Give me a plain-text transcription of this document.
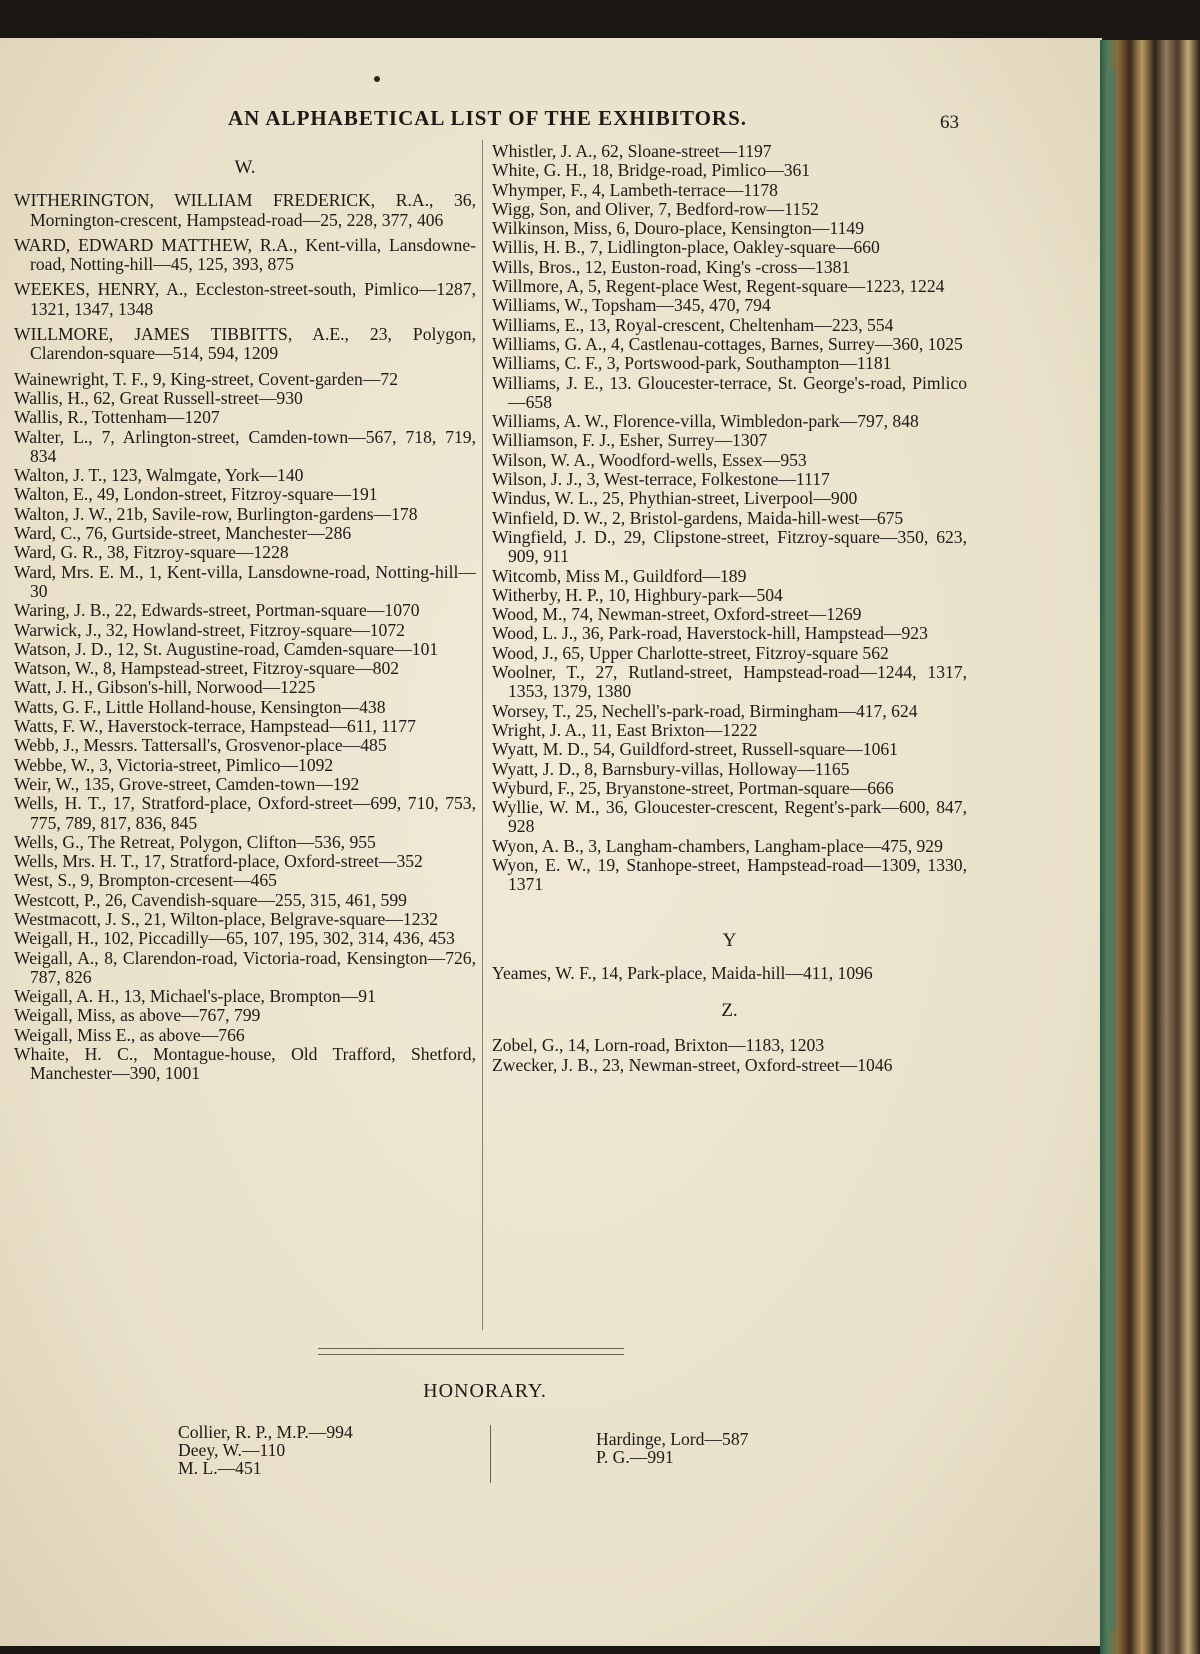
AN ALPHABETICAL LIST OF THE EXHIBITORS.	63
W.

WITHERINGTON, WILLIAM FREDERICK, R.A., 36, Mornington-crescent, Hampstead-road—25, 228, 377, 406

WARD, EDWARD MATTHEW, R.A., Kent-villa, Lansdowne-road, Notting-hill—45, 125, 393, 875

WEEKES, HENRY, A., Eccleston-street-south, Pimlico—1287, 1321, 1347, 1348

WILLMORE, JAMES TIBBITTS, A.E., 23, Polygon, Clarendon-square—514, 594, 1209

Wainewright, T. F., 9, King-street, Covent-garden—72

Wallis, H., 62, Great Russell-street—930

Wallis, R., Tottenham—1207

Walter, L., 7, Arlington-street, Camden-town—567, 718, 719, 834

Walton, J. T., 123, Walmgate, York—140

Walton, E., 49, London-street, Fitzroy-square—191

Walton, J. W., 21b, Savile-row, Burlington-gardens—178

Ward, C., 76, Gurtside-street, Manchester—286

Ward, G. R., 38, Fitzroy-square—1228

Ward, Mrs. E. M., 1, Kent-villa, Lansdowne-road, Notting-hill—30

Waring, J. B., 22, Edwards-street, Portman-square—1070

Warwick, J., 32, Howland-street, Fitzroy-square—1072

Watson, J. D., 12, St. Augustine-road, Camden-square—101

Watson, W., 8, Hampstead-street, Fitzroy-square—802

Watt, J. H., Gibson's-hill, Norwood—1225

Watts, G. F., Little Holland-house, Kensington—438

Watts, F. W., Haverstock-terrace, Hampstead—611, 1177

Webb, J., Messrs. Tattersall's, Grosvenor-place—485

Webbe, W., 3, Victoria-street, Pimlico—1092

Weir, W., 135, Grove-street, Camden-town—192

Wells, H. T., 17, Stratford-place, Oxford-street—699, 710, 753, 775, 789, 817, 836, 845

Wells, G., The Retreat, Polygon, Clifton—536, 955

Wells, Mrs. H. T., 17, Stratford-place, Oxford-street—352

West, S., 9, Brompton-crcesent—465

Westcott, P., 26, Cavendish-square—255, 315, 461, 599

Westmacott, J. S., 21, Wilton-place, Belgrave-square—1232

Weigall, H., 102, Piccadilly—65, 107, 195, 302, 314, 436, 453

Weigall, A., 8, Clarendon-road, Victoria-road, Kensington—726, 787, 826

Weigall, A. H., 13, Michael's-place, Brompton—91

Weigall, Miss, as above—767, 799

Weigall, Miss E., as above—766

Whaite, H. C., Montague-house, Old Trafford, Shetford, Manchester—390, 1001

Whistler, J. A., 62, Sloane-street—1197

White, G. H., 18, Bridge-road, Pimlico—361

Whymper, F., 4, Lambeth-terrace—1178

Wigg, Son, and Oliver, 7, Bedford-row—1152

Wilkinson, Miss, 6, Douro-place, Kensington—1149

Willis, H. B., 7, Lidlington-place, Oakley-square—660

Wills, Bros., 12, Euston-road, King's -cross—1381

Willmore, A, 5, Regent-place West, Regent-square—1223, 1224

Williams, W., Topsham—345, 470, 794

Williams, E., 13, Royal-crescent, Cheltenham—223, 554

Williams, G. A., 4, Castlenau-cottages, Barnes, Surrey—360, 1025

Williams, C. F., 3, Portswood-park, Southampton—1181

Williams, J. E., 13. Gloucester-terrace, St. George's-road, Pimlico—658

Williams, A. W., Florence-villa, Wimbledon-park—797, 848

Williamson, F. J., Esher, Surrey—1307

Wilson, W. A., Woodford-wells, Essex—953

Wilson, J. J., 3, West-terrace, Folkestone—1117

Windus, W. L., 25, Phythian-street, Liverpool—900

Winfield, D. W., 2, Bristol-gardens, Maida-hill-west—675

Wingfield, J. D., 29, Clipstone-street, Fitzroy-square—350, 623, 909, 911

Witcomb, Miss M., Guildford—189

Witherby, H. P., 10, Highbury-park—504

Wood, M., 74, Newman-street, Oxford-street—1269

Wood, L. J., 36, Park-road, Haverstock-hill, Hampstead—923

Wood, J., 65, Upper Charlotte-street, Fitzroy-square 562

Woolner, T., 27, Rutland-street, Hampstead-road—1244, 1317, 1353, 1379, 1380

Worsey, T., 25, Nechell's-park-road, Birmingham—417, 624

Wright, J. A., 11, East Brixton—1222

Wyatt, M. D., 54, Guildford-street, Russell-square—1061

Wyatt, J. D., 8, Barnsbury-villas, Holloway—1165

Wyburd, F., 25, Bryanstone-street, Portman-square—666

Wyllie, W. M., 36, Gloucester-crescent, Regent's-park—600, 847, 928

Wyon, A. B., 3, Langham-chambers, Langham-place—475, 929

Wyon, E. W., 19, Stanhope-street, Hampstead-road—1309, 1330, 1371

Y

Yeames, W. F., 14, Park-place, Maida-hill—411, 1096

Z.

Zobel, G., 14, Lorn-road, Brixton—1183, 1203

Zwecker, J. B., 23, Newman-street, Oxford-street—1046

HONORARY.
Collier, R. P., M.P.—994
Deey, W.—110
M. L.—451
Hardinge, Lord—587
P. G.—991
